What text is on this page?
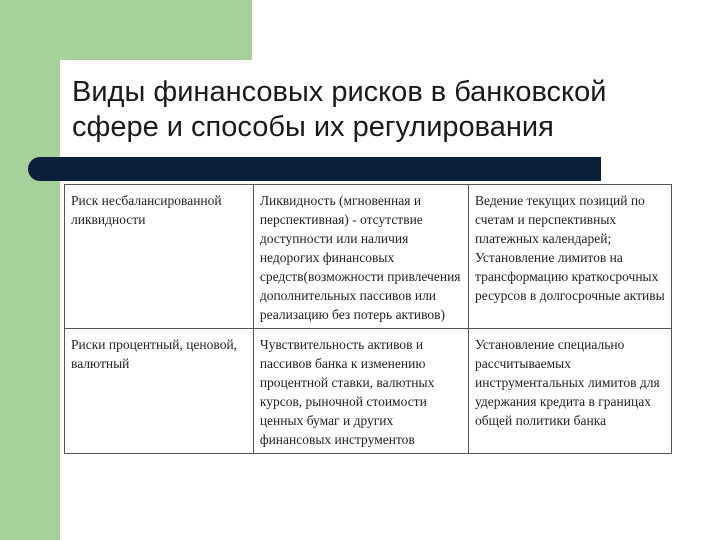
Виды финансовых рисков в банковской сфере и способы их регулирования
Риск несбалансированной ликвидности	Ликвидность (мгновенная и перспективная) - отсутствие доступности или наличия недорогих финансовых средств(возможности привлечения дополнительных пассивов или реализацию без потерь активов)	Ведение текущих позиций по счетам и перспективных платежных календарей; Установление лимитов на трансформацию краткосрочных ресурсов в долгосрочные активы
Риски процентный, ценовой, валютный	Чувствительность активов и пассивов банка к изменению процентной ставки, валютных курсов, рыночной стоимости ценных бумаг и других финансовых инструментов	Установление специально рассчитываемых инструментальных лимитов для удержания кредита в границах общей политики банка
